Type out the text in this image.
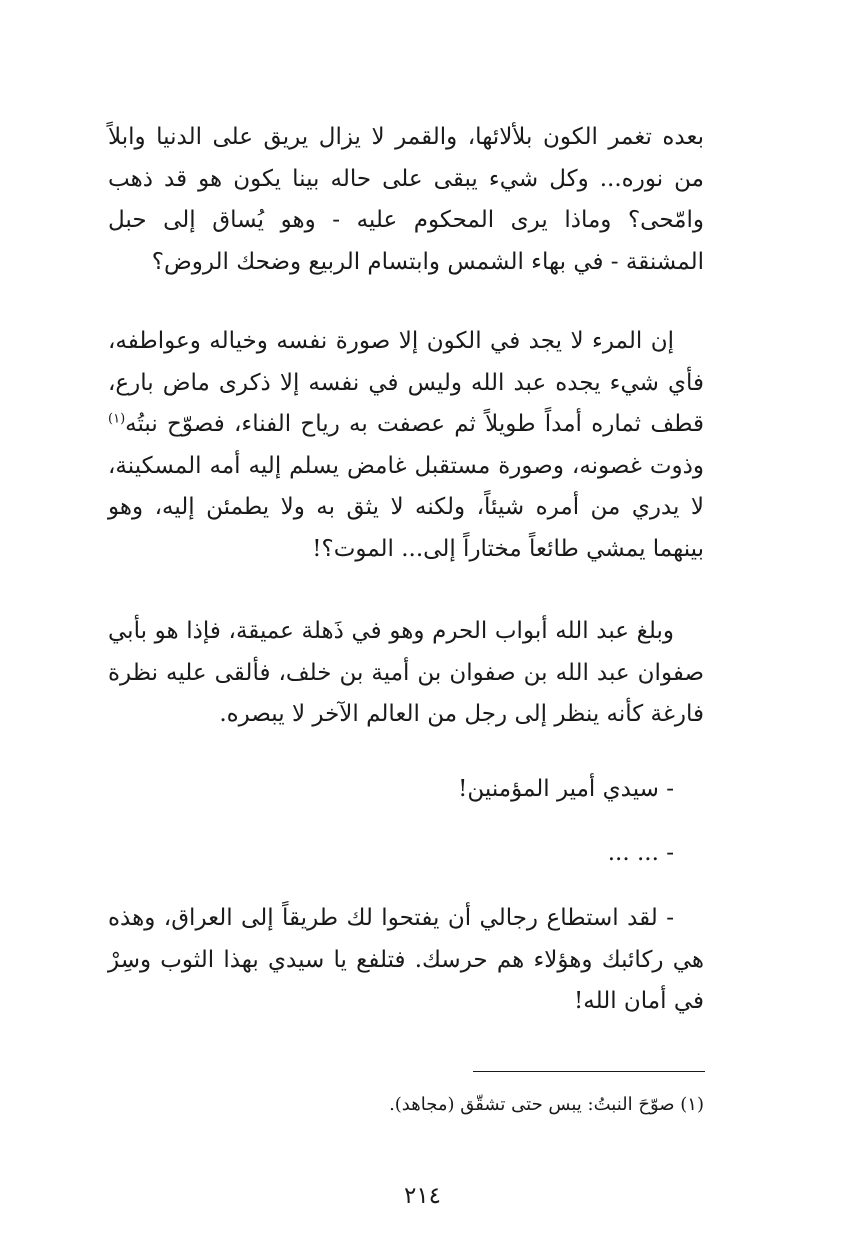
بعده تغمر الكون بلألائها، والقمر لا يزال يريق على الدنيا وابلاً من نوره... وكل شيء يبقى على حاله بينا يكون هو قد ذهب وامّحى؟ وماذا يرى المحكوم عليه - وهو يُساق إلى حبل المشنقة - في بهاء الشمس وابتسام الربيع وضحك الروض؟

إن المرء لا يجد في الكون إلا صورة نفسه وخياله وعواطفه، فأي شيء يجده عبد الله وليس في نفسه إلا ذكرى ماض بارع، قطف ثماره أمداً طويلاً ثم عصفت به رياح الفناء، فصوّح نبتُه$^{(١)}$ وذوت غصونه، وصورة مستقبل غامض يسلم إليه أمه المسكينة، لا يدري من أمره شيئاً، ولكنه لا يثق به ولا يطمئن إليه، وهو بينهما يمشي طائعاً مختاراً إلى... الموت؟!

وبلغ عبد الله أبواب الحرم وهو في ذَهلة عميقة، فإذا هو بأبي صفوان عبد الله بن صفوان بن أمية بن خلف، فألقى عليه نظرة فارغة كأنه ينظر إلى رجل من العالم الآخر لا يبصره.

- سيدي أمير المؤمنين!

- ... ...

- لقد استطاع رجالي أن يفتحوا لك طريقاً إلى العراق، وهذه هي ركائبك وهؤلاء هم حرسك. فتلفع يا سيدي بهذا الثوب وسِرْ في أمان الله!

(١) صوّحَ النبتُ: يبس حتى تشقّق (مجاهد).

٢١٤
